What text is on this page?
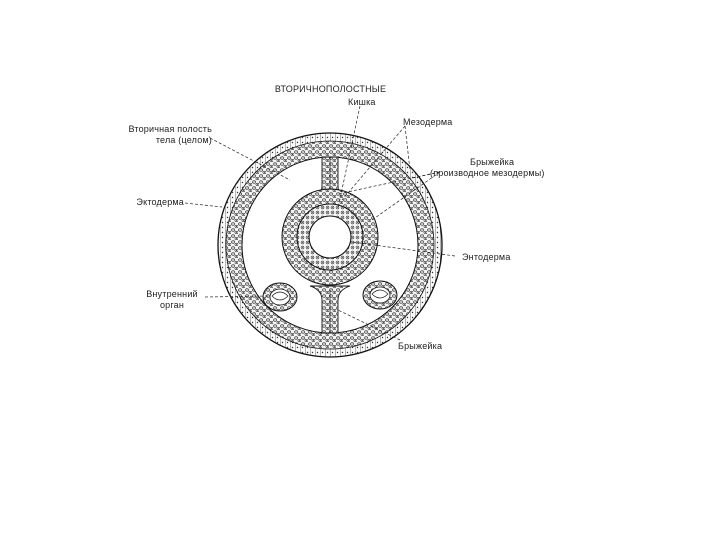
ВТОРИЧНОПОЛОСТНЫЕ
Кишка
Мезодерма
Вторичная полость
тела (целом)
Брыжейка
(производное мезодермы)
Эктодерма
Энтодерма
Внутренний
орган
Брыжейка
